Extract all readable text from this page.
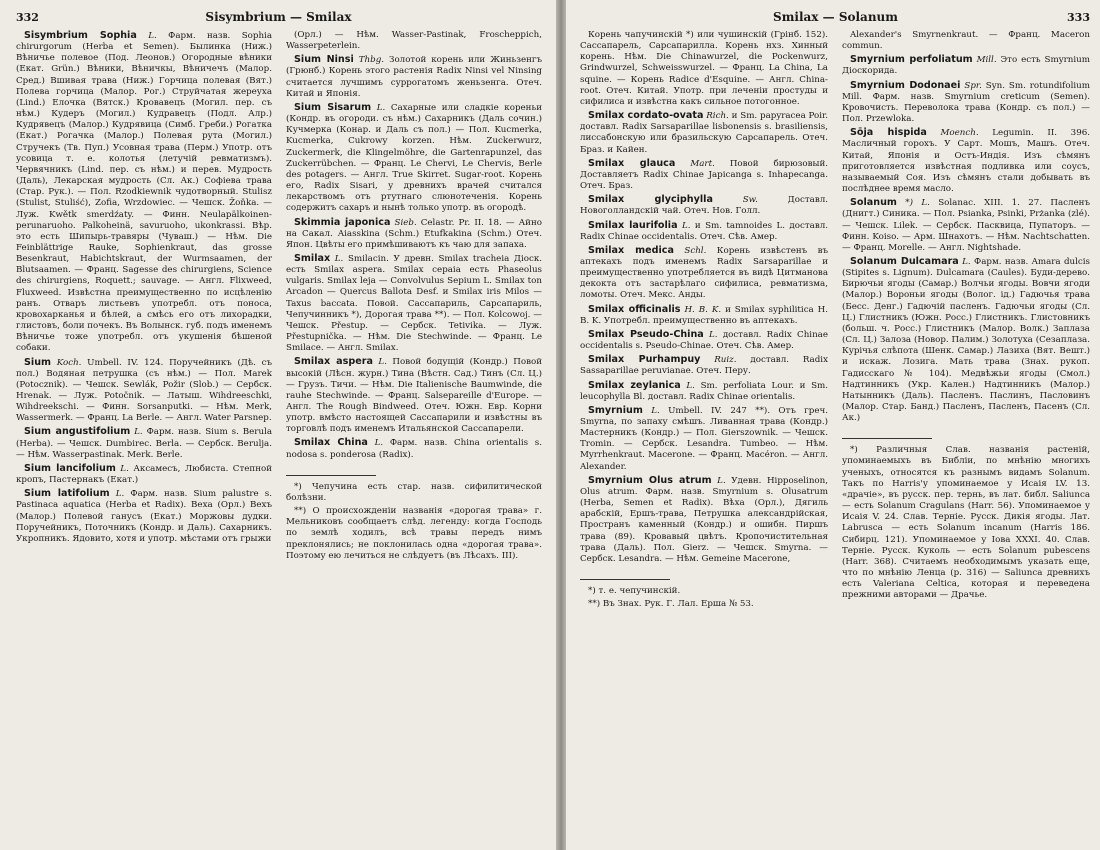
332	Sisymbrium — Smilax

Sisymbrium Sophia L. Фарм. назв. Sophia chirurgorum (Herba et Semen). Былинка (Ниж.) Вѣничье полевое (Под. Леонов.) Огородные вѣники (Екат. Grün.) Вѣники, Вѣничкы, Вѣничечъ (Малор. Сред.) Вшивая трава (Ниж.) Горчица полевая (Вят.) Полева горчица (Малор. Рог.) Струйчатая жереуха (Lind.) Елочка (Вятск.) Кровавецъ (Могил. пер. съ нѣм.) Кудеръ (Могил.) Кудравецъ (Подл. Алр.) Кудрявецъ (Малор.) Кудрявица (Симб. Греби.) Рогатка (Екат.) Рогачка (Малор.) Полевая рута (Могил.) Стручекъ (Тв. Пуп.) Усовная трава (Перм.) Употр. отъ усовица т. е. колотья (летучій ревматизмъ). Червячникъ (Lind. пер. съ нѣм.) и перев. Мудрость (Даль), Лекарская мудрость (Сл. Ак.) Софіева трава (Стар. Рук.). — Пол. Rzodkiewnik чудотворный. Stulisz (Stulist, Stuliść), Zofia, Wrzdowiec. — Чешск. Žoňka. — Луж. Kwětk smerdźaty. — Финн. Neulapälkoinen-perunaruoho. Palkoheinä, savuruoho, ukonkrassi. Вѣр. это есть Шипырь-травяры (Чуваш.) — Нѣм. Die Feinblättrige Rauke, Sophienkraut, das grosse Besenkraut, Habichtskraut, der Wurmsaamen, der Blutsaamen. — Франц. Sagesse des chirurgiens, Science des chirurgiens, Roquett.; sauvage. — Англ. Flixweed, Fluxweed. Извѣстна преимущественно по исцѣленію ранъ. Отваръ листьевъ употребл. отъ поноса, кровохарканья и бѣлей, а смѣсь его отъ лихорадки, глистовъ, боли почекъ. Въ Волынск. губ. подъ именемъ Вѣничье тоже употребл. отъ укушенія бѣшеной собаки.

Sium Koch. Umbell. IV. 124. Поручейникъ (Дѣ. съ пол.) Водяная петрушка (съ нѣм.) — Пол. Marek (Potocznik). — Чешск. Sewlák, Požir (Slob.) — Сербск. Hrenak. — Луж. Potočnik. — Латыш. Wihdreeschki, Wihdreekschi. — Финн. Sorsanputki. — Нѣм. Merk, Wassermerk. — Франц. La Berle. — Англ. Water Parsnep.

Sium angustifolium L. Фарм. назв. Sium s. Berula (Herba). — Чешск. Dumbirec. Berla. — Сербск. Berulja. — Нѣм. Wasserpastinak. Merk. Berle.

Sium lancifolium L. Аксамесъ, Любиста. Степной кропъ, Пастернакъ (Екат.)

Sium latifolium L. Фарм. назв. Sium palustre s. Pastinaca aquatica (Herba et Radix). Веха (Орл.) Вехъ (Малор.) Полевой ганусъ (Екат.) Моржовы дудки. Поручейникъ, Поточникъ (Кондр. и Даль). Сахарникъ. Укропникъ. Ядовито, хотя и употр. мѣстами отъ грыжи

(Орл.) — Нѣм. Wasser-Pastinak, Froscheppich, Wasserpeterlein.

Sium Ninsi Thbg. Золотой корень или Жиньзенгъ (Грюнб.) Корень этого растенія Radix Ninsi vel Ninsing считается лучшимъ суррогатомъ женьзенга. Отеч. Китай и Японія.

Sium Sisarum L. Сахарные или сладкіе кореньи (Кондр. въ огороди. съ нѣм.) Сахарникъ (Даль сочин.) Кучмерка (Конар. и Даль съ пол.) — Пол. Kucmerka, Kucmerka, Cukrowy korzen. Нѣм. Zuckerwurz, Zuckermerk, die Klingelmöhre, die Gartenrapunzel, das Zuckerrübchen. — Франц. Le Chervi, Le Chervis, Berle des potagers. — Англ. True Skirret. Sugar-root. Корень его, Radix Sisari, у древнихъ врачей считался лекарствомъ отъ ртутнаго слюнотеченія. Корень содержитъ сахаръ и нынѣ только употр. въ огородѣ.

Skimmia japonica Sieb. Celastr. Pr. II. 18. — Айно на Сакал. Aiasskina (Schm.) Etufkakina (Schm.) Отеч. Япон. Цвѣты его примѣшиваютъ къ чаю для запаха.

Smilax L. Smilacin. У древн. Smilax tracheia Діоск. есть Smilax aspera. Smilax cepaia есть Phaseolus vulgaris. Smilax leja — Convolvulus Sepium L. Smilax ton Arcadon — Quercus Ballota Desf. и Smilax iris Milos — Taxus baccata. Повой. Сассапариль, Сарсапариль, Чепучинникъ *), Дорогая трава **). — Пол. Kolcowoj. — Чешск. Přestup. — Сербск. Tetivika. — Луж. Přestupnička. — Нѣм. Die Stechwinde. — Франц. Le Smilace. — Англ. Smilax.

Smilax aspera L. Повой бодущій (Кондр.) Повой высокій (Лѣсн. журн.) Тина (Вѣстн. Сад.) Тинъ (Сл. Ц.) — Грузъ. Тичи. — Нѣм. Die Italienische Baumwinde, die rauhe Stechwinde. — Франц. Salsepareille d'Europe. — Англ. The Rough Bindweed. Отеч. Южн. Евр. Корни употр. вмѣсто настоящей Сассапарили и извѣстны въ торговлѣ подъ именемъ Итальянской Сассапарели.

Smilax China L. Фарм. назв. China orientalis s. nodosa s. ponderosa (Radix).

*) Чепучина есть стар. назв. сифилитической болѣзни.

**) О происхожденіи названія «дорогая трава» г. Мельниковъ сообщаетъ слѣд. легенду: когда Господь по землѣ ходилъ, всѣ травы передъ нимъ преклонялись; не поклонилась одна «дорогая трава». Поэтому ею лечиться не слѣдуетъ (въ Лѣсахъ. III).

Smilax — Solanum	333

Корень чапучинскій *) или чушинскій (Грінб. 152). Сассапарель, Сарсапарилла. Корень нхз. Хинный корень. Нѣм. Die Chinawurzel, die Pockenwurz, Grindwurzel, Schweisswurzel. — Франц. La China, La squine. — Корень Radice d'Esquine. — Англ. China-root. Отеч. Китай. Употр. при леченіи простуды и сифилиса и извѣстна какъ сильное потогонное.

Smilax cordato-ovata Rich. и Sm. papyracea Poir. доставл. Radix Sarsaparillae lisbonensis s. brasiliensis, лиссабонскую или бразильскую Сарсапарель. Отеч. Браз. и Кайен.

Smilax glauca Mart. Повой бирюзовый. Доставляетъ Radix Chinae Japicanga s. Inhapecanga. Отеч. Браз.

Smilax glyciphylla	Sw.	Доставл. Новоголландскій чай. Отеч. Нов. Голл.

Smilax laurifolia L. и Sm. tamnoides L. доставл. Radix Chinae occidentalis. Отеч. Сѣв. Амер.

Smilax medica Schl. Корень извѣстенъ въ аптекахъ подъ именемъ Radix Sarsaparillae и преимущественно употребляется въ видѣ Цитманова декокта отъ застарѣлаго сифилиса, ревматизма, ломоты. Отеч. Мекс. Анды.

Smilax officinalis H. B. K. и Smilax syphilitica H. B. K. Употребл. преимущественно въ аптекахъ.

Smilax Pseudo-China L. доставл. Radix Chinae occidentalis s. Pseudo-Chinae. Отеч. Сѣв. Амер.

Smilax Purhampuy Ruiz. доставл. Radix Sassaparillae peruvianae. Отеч. Перу.

Smilax zeylanica L. Sm. perfoliata Lour. и Sm. leucophylla Bl. доставл. Radix Chinae orientalis.

Smyrnium L. Umbell. IV. 247 **). Отъ греч. Smyrna, по запаху смѣшъ. Ливанная трава (Кондр.) Мастерникъ (Кондр.) — Пол. Gierszownik. — Чешск. Tromin. — Сербск. Lesandra. Tumbeo. — Нѣм. Myrrhenkraut. Macerone. — Франц. Macéron. — Англ. Alexander.

Smyrnium Olus atrum L. Удевн. Hipposelinon, Olus atrum. Фарм. назв. Smyrnium s. Olusatrum (Herba, Semen et Radix). Вѣха (Орл.), Дягиль арабскій, Ершъ-трава, Петрушка александрійская, Пространъ каменный (Кондр.) и ошибн. Пиршъ трава (89). Кровавый цвѣтъ. Кропочистительная трава (Даль). Пол. Gierz. — Чешск. Smyrna. — Сербск. Lesandra. — Нѣм. Gemeine Macerone,

*) т. е. чепучинскій.

**) Въ Знах. Рук. Г. Лал. Ерша № 53.

Alexander's Smyrnenkraut. — Франц. Maceron commun.

Smyrnium perfoliatum Mill. Это есть Smyrnium Діоскорида.

Smyrnium Dodonaei Spr. Syn. Sm. rotundifolium Mill. Фарм. назв. Smyrnium creticum (Semen). Кровочисть. Переволока трава (Кондр. съ пол.) — Пол. Przewloka.

Sōja hispida Moench. Legumin. II. 396. Масличный горохъ. У Сарт. Мошъ, Машъ. Отеч. Китай, Японія и Остъ-Индія. Изъ сѣмянъ приготовляется извѣстная подливка или соусъ, называемый Соя. Изъ сѣмянъ стали добывать въ послѣднее время масло.

Solanum *) L. Solanac. XIII. 1. 27. Пасленъ (Днигт.) Синика. — Пол. Psianka, Psinki, Prżanka (zlé). — Чешск. Lilek. — Сербск. Пасквица, Пупаторъ. — Финн. Koiso. — Арм. Шнахотъ. — Нѣм. Nachtschatten. — Франц. Morelle. — Англ. Nightshade.

Solanum Dulcamara L. Фарм. назв. Amara dulcis (Stipites s. Lignum). Dulcamara (Caules). Буди-дерево. Бирючьи ягоды (Самар.) Волчьи ягоды. Вовчи ягоди (Малор.) Вороньи ягоды (Волог. ід.) Гадючья трава (Бесс. Денг.) Гадючій пасленъ. Гадючьи ягоды (Сл. Ц.) Глистникъ (Южн. Росс.) Глистникъ. Глистовникъ (больш. ч. Росс.) Глистникъ (Малор. Волк.) Заплаза (Сл. Ц.) Залоза (Новор. Палим.) Золотуха (Сезаплаза. Курічья слѣпота (Шенк. Самар.) Лазиха (Вят. Вешт.) и искаж. Лозига. Мать трава (Знах. рукоп. Гадисскаго № 104). Медвѣжьи ягоды (Смол.) Надтинникъ (Укр. Кален.) Надтинникъ (Малор.) Натынникъ (Даль). Пасленъ. Паслинъ, Пасловинъ (Малор. Стар. Банд.) Пасленъ, Пасленъ, Пасенъ (Сл. Ак.)

*) Различныя Слав. названія растеній, упоминаемыхъ въ Библіи, по мнѣнію многихъ ученыхъ, относятся къ разнымъ видамъ Solanum. Такъ по Harris'у упоминаемое у Исаія LV. 13. «драчіе», въ русск. пер. тернь, въ лат. библ. Saliunca — есть Solanum Cragulans (Harr. 56). Упоминаемое у Исаія V. 24. Слав. Терніе. Русск. Дикія ягоды. Лат. Labrusca — есть Solanum incanum (Harris 186. Сибирц. 121). Упоминаемое у Іова XXXI. 40. Слав. Терніе. Русск. Куколь — есть Solanum pubescens (Harr. 368). Считаемъ необходимымъ указать еще, что по мнѣнію Ленца (р. 316) — Saliunca древнихъ есть Valeriana Celtica, которая и переведена прежними авторами — Драчье.
